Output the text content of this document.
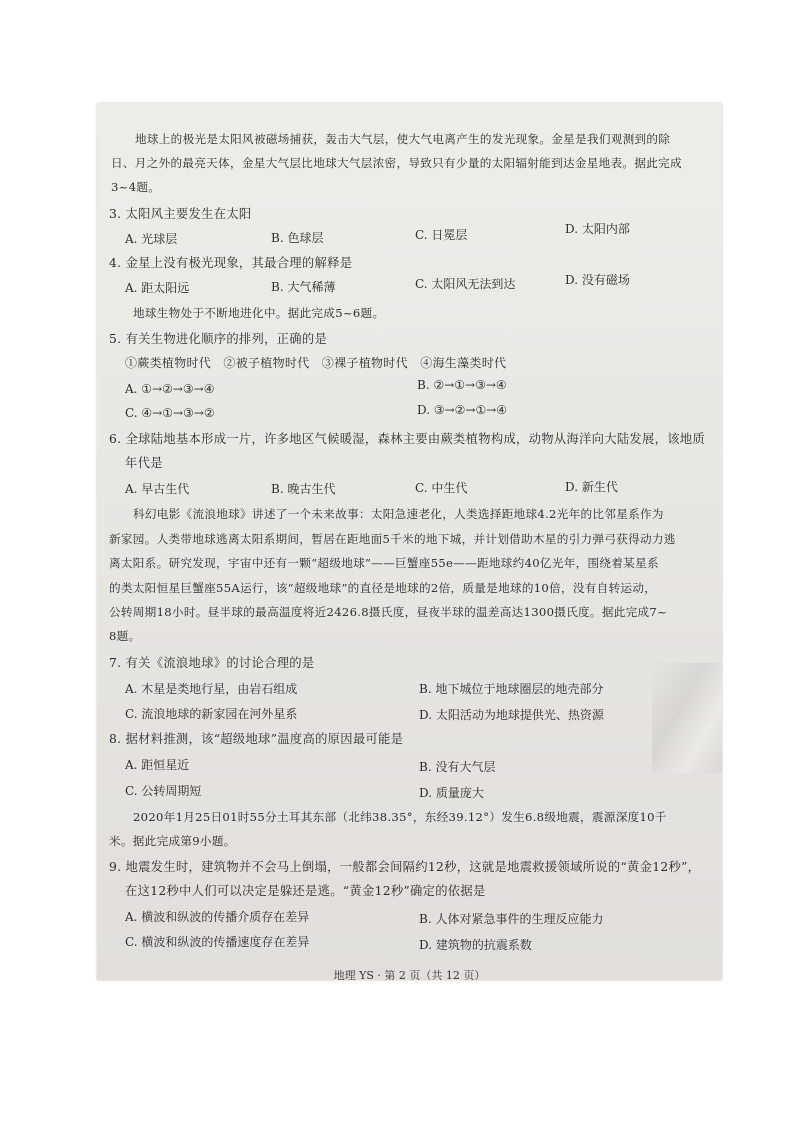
地球上的极光是太阳风被磁场捕获，轰击大气层，使大气电离产生的发光现象。金星是我们观测到的除
日、月之外的最亮天体，金星大气层比地球大气层浓密，导致只有少量的太阳辐射能到达金星地表。据此完成
3~4题。
3. 太阳风主要发生在太阳
A. 光球层	B. 色球层	C. 日冕层	D. 太阳内部
4. 金星上没有极光现象，其最合理的解释是
A. 距太阳远	B. 大气稀薄	C. 太阳风无法到达	D. 没有磁场
地球生物处于不断地进化中。据此完成5~6题。
5. 有关生物进化顺序的排列，正确的是
①蕨类植物时代　②被子植物时代　③裸子植物时代　④海生藻类时代
A. ①→②→③→④	B. ②→①→③→④
C. ④→①→③→②	D. ③→②→①→④
6. 全球陆地基本形成一片，许多地区气候暖湿，森林主要由蕨类植物构成，动物从海洋向大陆发展，该地质
年代是
A. 早古生代	B. 晚古生代	C. 中生代	D. 新生代
科幻电影《流浪地球》讲述了一个未来故事：太阳急速老化，人类选择距地球4.2光年的比邻星系作为
新家园。人类带地球逃离太阳系期间，暂居在距地面5千米的地下城，并计划借助木星的引力弹弓获得动力逃
离太阳系。研究发现，宇宙中还有一颗“超级地球”——巨蟹座55e——距地球约40亿光年，围绕着某星系
的类太阳恒星巨蟹座55A运行，该“超级地球”的直径是地球的2倍，质量是地球的10倍，没有自转运动，
公转周期18小时。昼半球的最高温度将近2426.8摄氏度，昼夜半球的温差高达1300摄氏度。据此完成7~
8题。
7. 有关《流浪地球》的讨论合理的是
A. 木星是类地行星，由岩石组成	B. 地下城位于地球圈层的地壳部分
C. 流浪地球的新家园在河外星系	D. 太阳活动为地球提供光、热资源
8. 据材料推测，该“超级地球”温度高的原因最可能是
A. 距恒星近	B. 没有大气层
C. 公转周期短	D. 质量庞大
2020年1月25日01时55分土耳其东部（北纬38.35°，东经39.12°）发生6.8级地震，震源深度10千
米。据此完成第9小题。
9. 地震发生时，建筑物并不会马上倒塌，一般都会间隔约12秒，这就是地震救援领域所说的“黄金12秒”，
在这12秒中人们可以决定是躲还是逃。“黄金12秒”确定的依据是
A. 横波和纵波的传播介质存在差异	B. 人体对紧急事件的生理反应能力
C. 横波和纵波的传播速度存在差异	D. 建筑物的抗震系数
地理 YS · 第 2 页（共 12 页）
